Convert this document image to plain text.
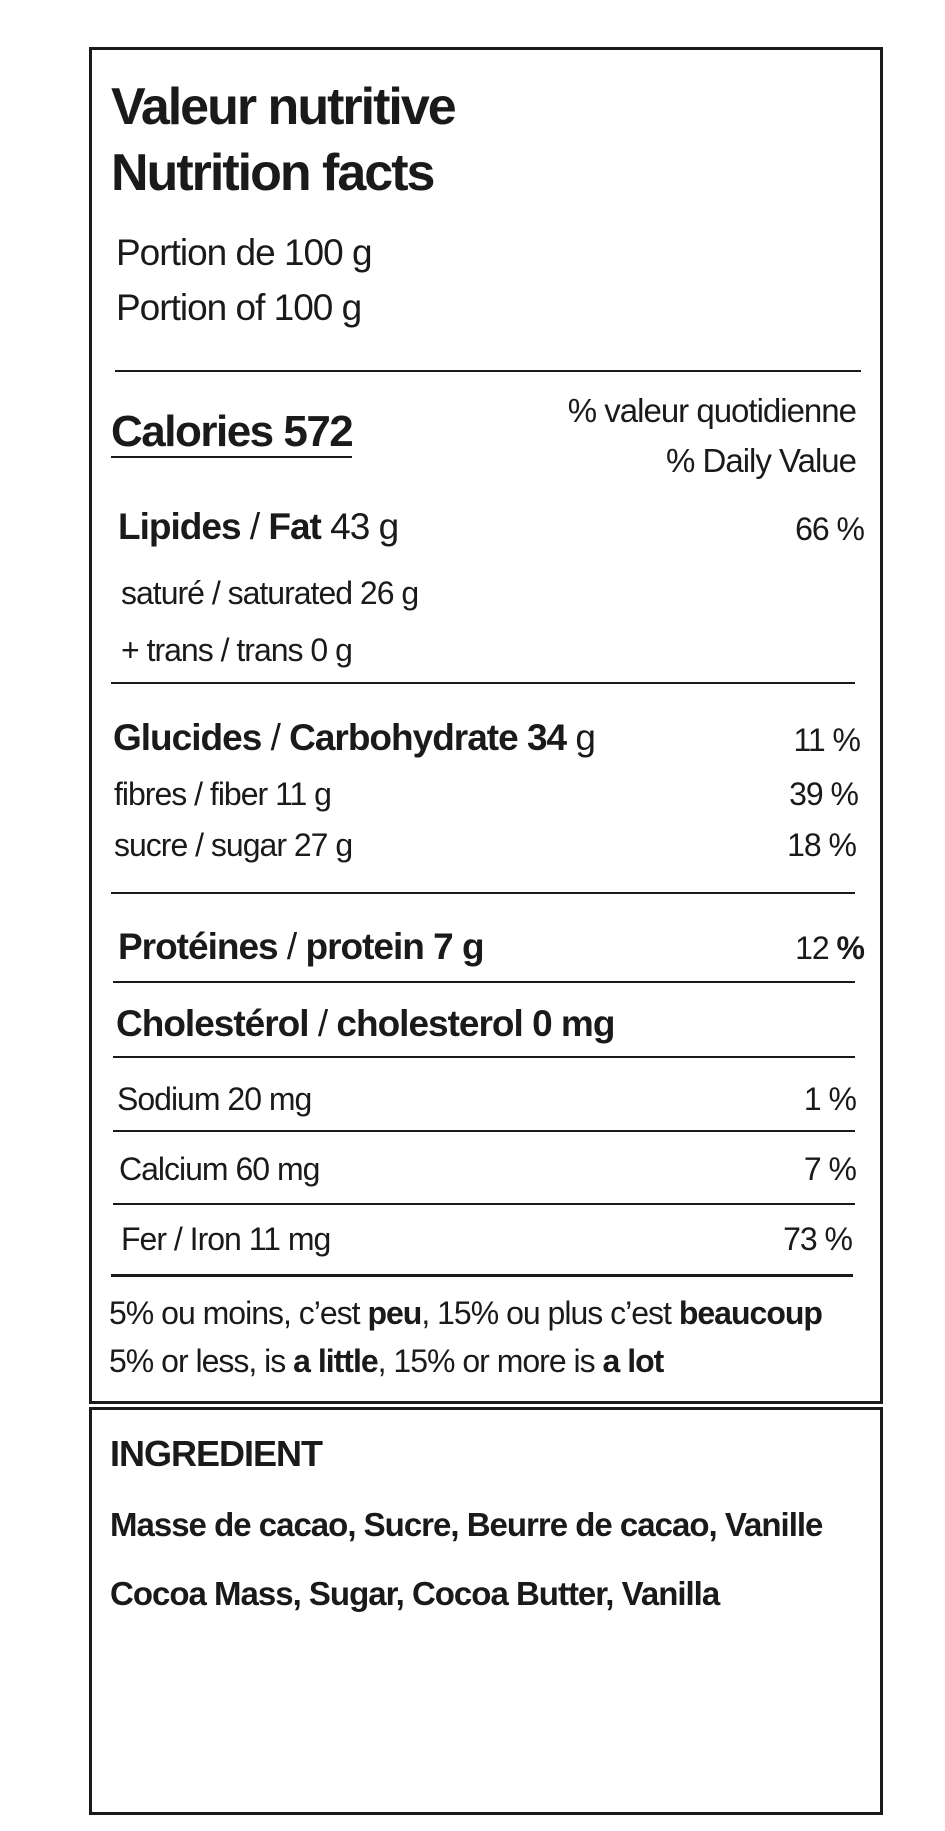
Valeur nutritive
Nutrition facts
Portion de 100 g
Portion of 100 g
Calories 572	% valeur quotidienne
% Daily Value
Lipides / Fat 43 g	66 %
saturé / saturated 26 g
+ trans / trans 0 g
Glucides / Carbohydrate 34 g	11 %
fibres / fiber 11 g	39 %
sucre / sugar 27 g	18 %
Protéines / protein 7 g	12 %
Cholestérol / cholesterol 0 mg
Sodium 20 mg	1 %
Calcium 60 mg	7 %
Fer / Iron 11 mg	73 %
5% ou moins, c’est peu, 15% ou plus c’est beaucoup
5% or less, is a little, 15% or more is a lot
INGREDIENT
Masse de cacao, Sucre, Beurre de cacao, Vanille
Cocoa Mass, Sugar, Cocoa Butter, Vanilla
